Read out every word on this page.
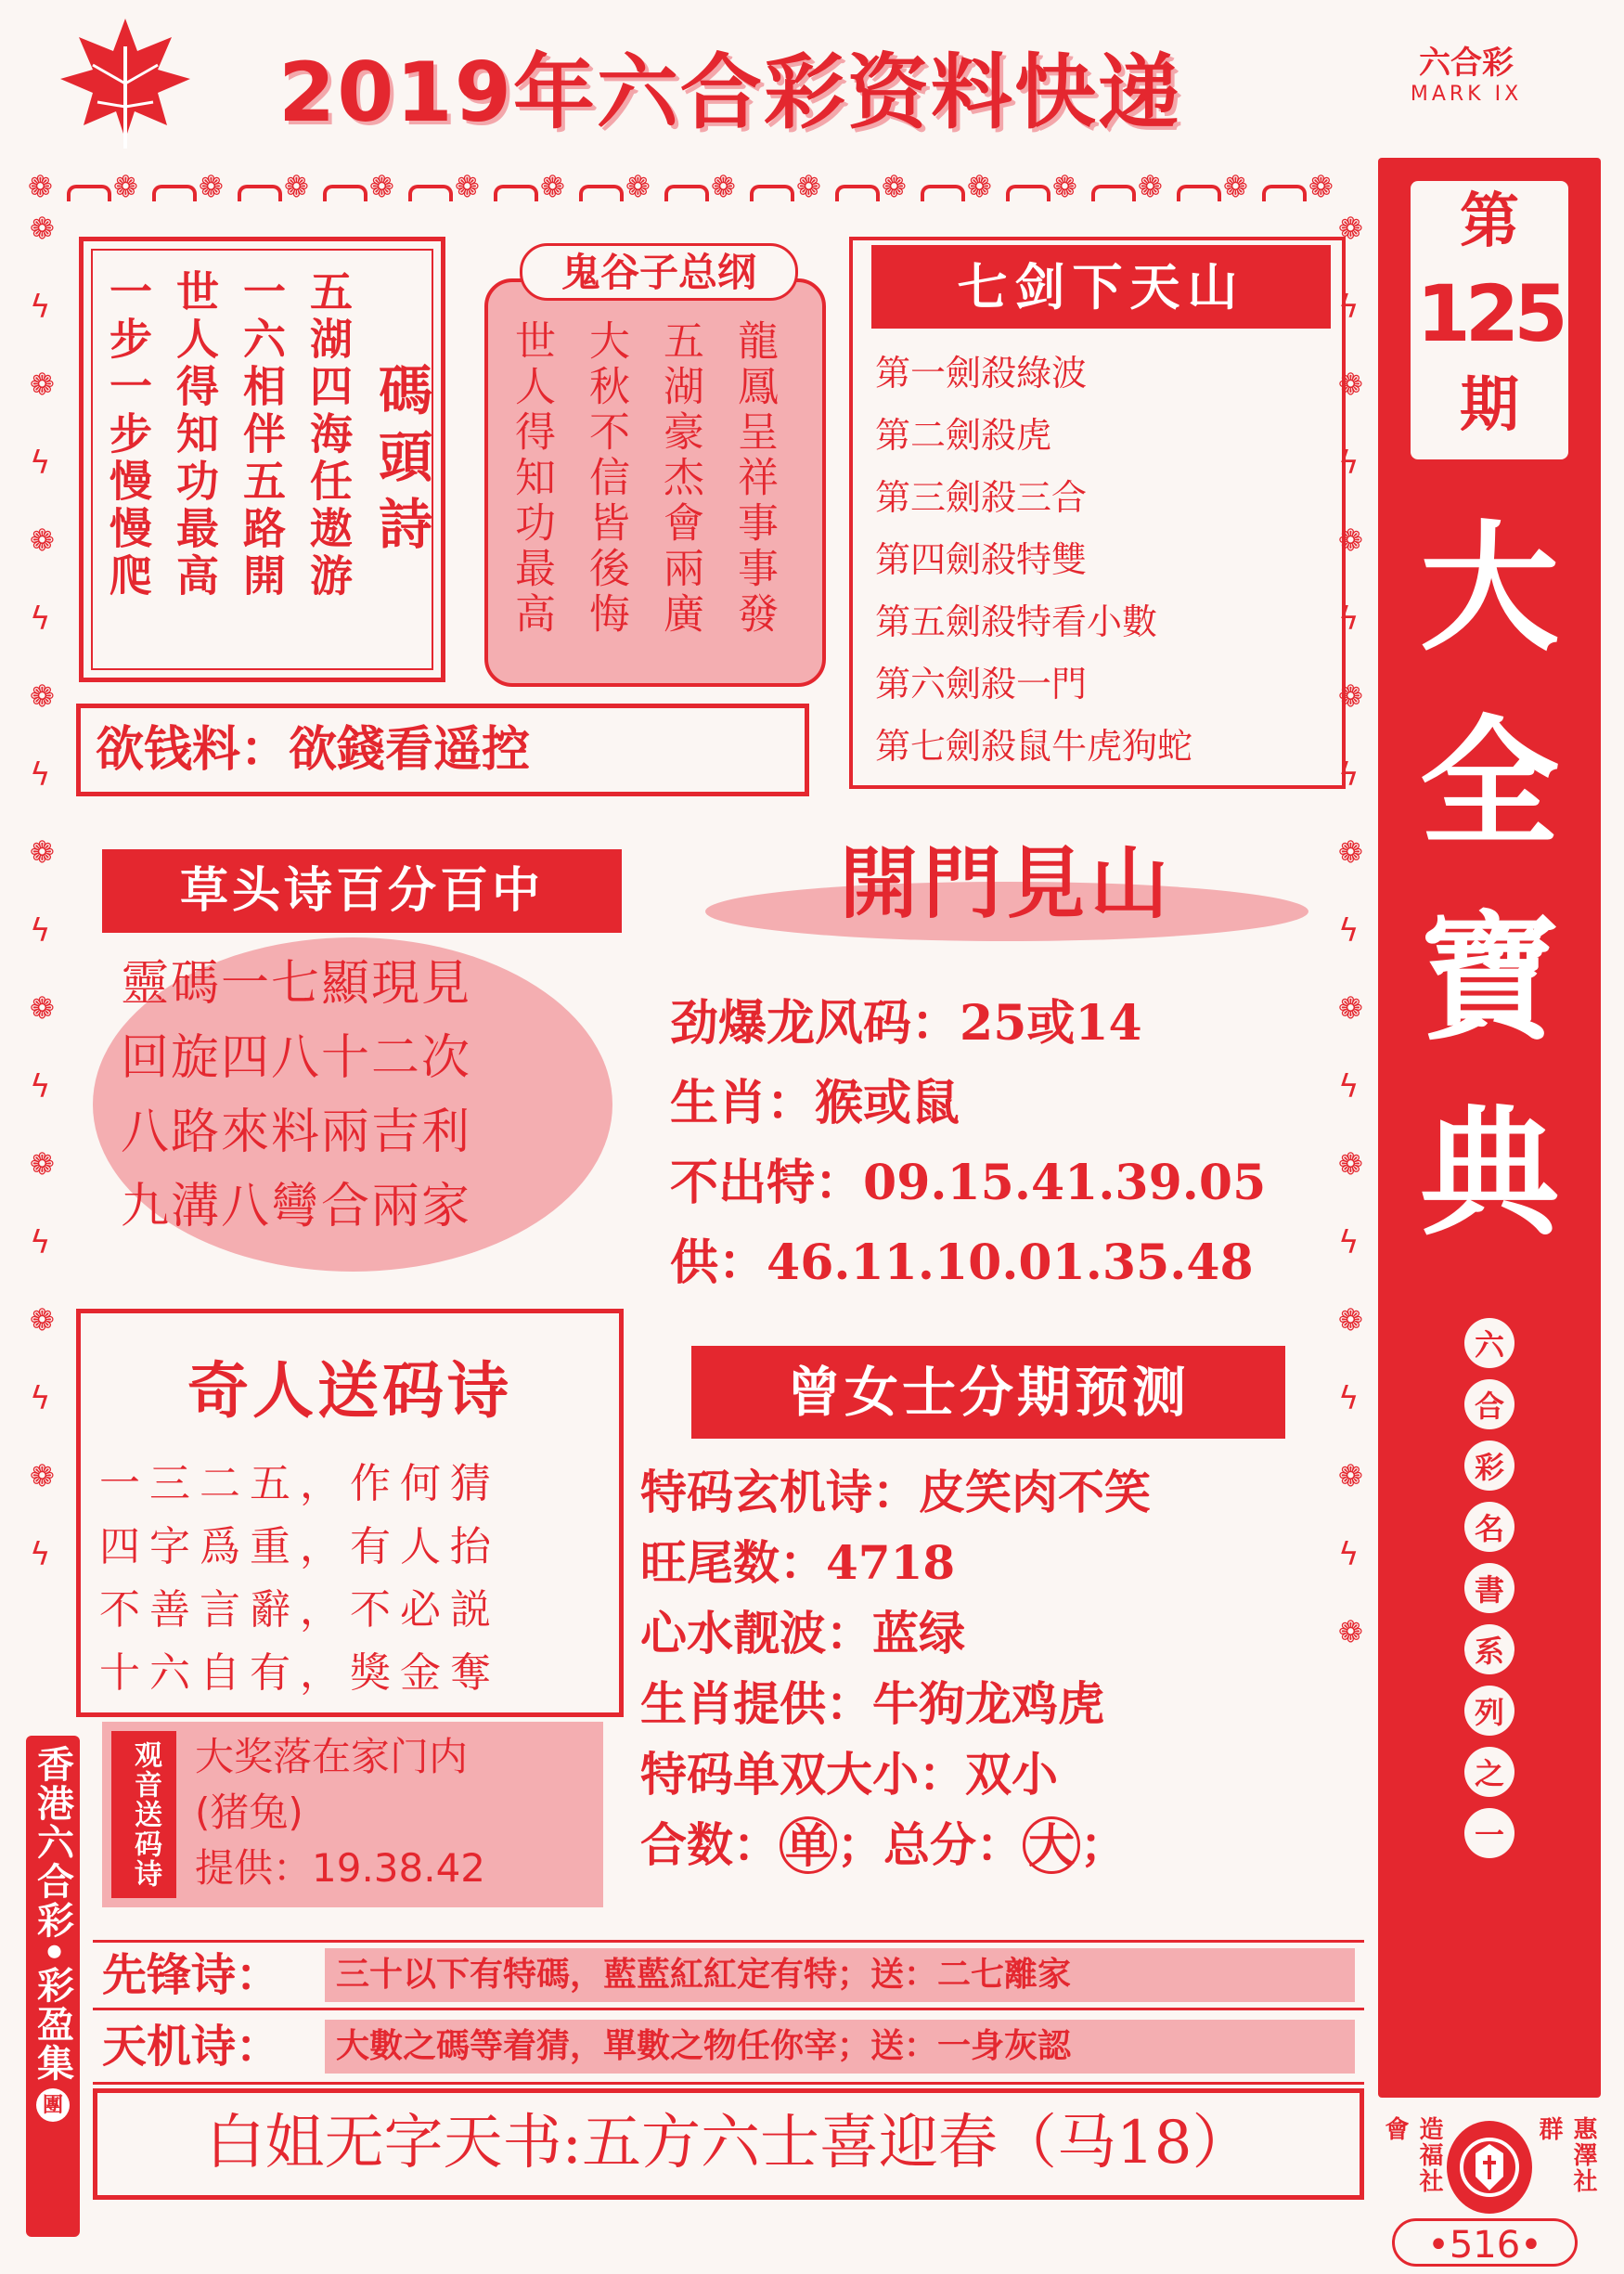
2019年六合彩资料快递	六合彩
MARK IX
❁ ❁ ❁ ❁ ❁ ❁ ❁ ❁ ❁ ❁ ❁ ❁ ❁ ❁ ❁ ❁
❁
ϟ
❁
ϟ
❁
ϟ
❁
ϟ
❁
ϟ
❁
ϟ
❁
ϟ
❁
ϟ
❁
ϟ
❁
ϟ
❁
ϟ
❁
ϟ
❁
ϟ
❁
ϟ
❁
ϟ
❁
ϟ
❁
ϟ
❁
ϟ
❁
第
125
期
大
全
寶
典
六
合
彩
名
書
系
列
之
一
造福社會	惠澤社群
•516•
香港六合彩•彩盈集
團
一步一步慢慢爬 世人得知功最高 一六相伴五路開 五湖四海任遨游 碼頭詩 世人得知功最高 大秋不信皆後悔 五湖豪杰會兩廣 龍鳳呈祥事事發
鬼谷子总纲	七剑下天山
第一劍殺綠波
第二劍殺虎
第三劍殺三合
第四劍殺特雙
第五劍殺特看小數
第六劍殺一門
第七劍殺鼠牛虎狗蛇
欲钱料：欲錢看遥控
草头诗百分百中
靈碼一七顯現見
回旋四八十二次
八路來料兩吉利
九溝八彎合兩家
開門見山
劲爆龙风码：25或14
生肖：猴或鼠
不出特：09.15.41.39.05
供：46.11.10.01.35.48
奇人送码诗
一三二五，作何猜
四字爲重，有人抬
不善言辭，不必説
十六自有，獎金奪
观音送码诗 大奖落在家门内
(猪兔)
提供：19.38.42
曾女士分期预测
特码玄机诗：皮笑肉不笑
旺尾数：4718
心水靓波：蓝绿
生肖提供：牛狗龙鸡虎
特码单双大小：双小
合数： 单 ；总分： 大 ；
先锋诗：	三十以下有特碼，藍藍紅紅定有特；送：二七離家
天机诗：	大數之碼等着猜，單數之物任你宰；送：一身灰認
白姐无字天书:五方六士喜迎春（马18）
